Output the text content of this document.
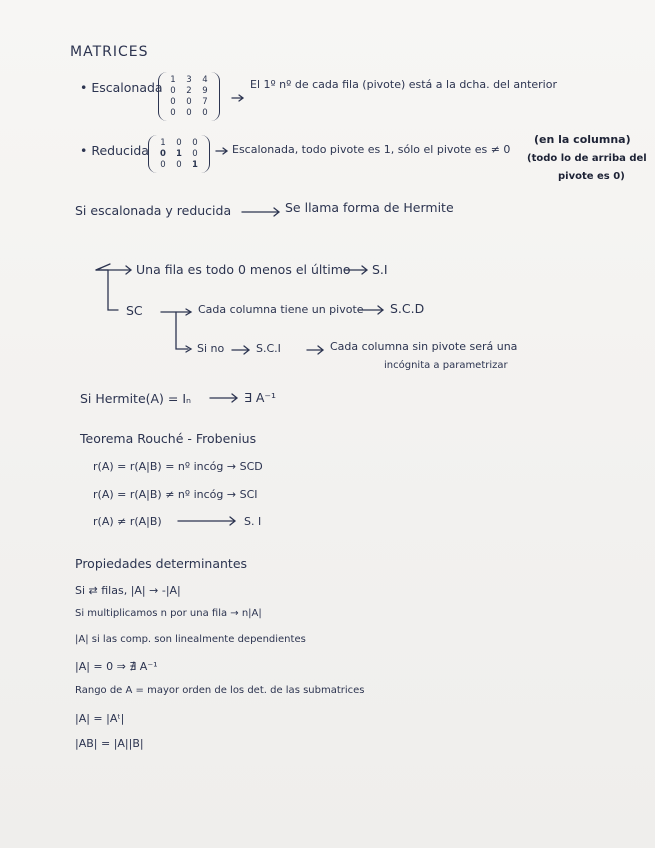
MATRICES
• Escalonada 1	3	4
0	2	9
0	0	7
0	0	0
El 1º nº de cada fila (pivote) está a la dcha. del anterior
• Reducida	1	0	0
0	1	0
0	0	1
Escalonada, todo pivote es 1, sólo el pivote es ≠ 0
(en la columna)
(todo lo de arriba del
pivote es 0)
Si escalonada y reducida	Se llama forma de Hermite
Una fila es todo 0 menos el último S.I
SC	Cada columna tiene un pivote S.C.D
Si no	S.C.I	Cada columna sin pivote será una
incógnita a parametrizar
Si Hermite(A) = Iₙ	∃ A⁻¹
Teorema Rouché - Frobenius
r(A) = r(A|B) = nº incóg → SCD
r(A) = r(A|B) ≠ nº incóg → SCI
r(A) ≠ r(A|B)	S. I
Propiedades determinantes
Si ⇄ filas, |A| → -|A|
Si multiplicamos n por una fila → n|A|
|A| si las comp. son linealmente dependientes
|A| = 0 ⇒ ∄ A⁻¹
Rango de A = mayor orden de los det. de las submatrices
|A| = |Aᵗ|
|AB| = |A||B|
